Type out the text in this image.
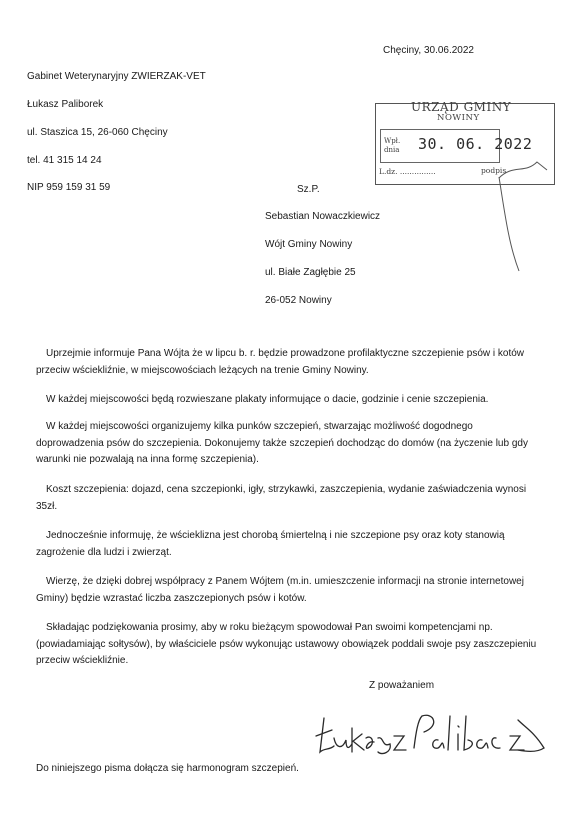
Chęciny, 30.06.2022
Gabinet Weterynaryjny ZWIERZAK-VET
Łukasz Paliborek
ul. Staszica 15, 26-060 Chęciny
tel. 41 315 14 24
NIP 959 159 31 59
URZĄD GMINY
NOWINY
Wpł.
dnia 30. 06. 2022
L.dz. ...............	podpis
Sz.P.
Sebastian Nowaczkiewicz
Wójt Gminy Nowiny
ul. Białe Zagłębie 25
26-052 Nowiny
Uprzejmie informuje Pana Wójta że w lipcu b. r. będzie prowadzone profilaktyczne szczepienie psów i kotów przeciw wściekliźnie, w miejscowościach leżących na trenie Gminy Nowiny.
W każdej miejscowości będą rozwieszane plakaty informujące o dacie, godzinie i cenie szczepienia.
W każdej miejscowości organizujemy kilka punków szczepień, stwarzając możliwość dogodnego doprowadzenia psów do szczepienia. Dokonujemy także szczepień dochodząc do domów (na życzenie lub gdy warunki nie pozwalają na inna formę szczepienia).
Koszt szczepienia: dojazd, cena szczepionki, igły, strzykawki, zaszczepienia, wydanie zaświadczenia wynosi 35zł.
Jednocześnie informuję, że wścieklizna jest chorobą śmiertelną i nie szczepione psy oraz koty stanowią zagrożenie dla ludzi i zwierząt.
Wierzę, że dzięki dobrej współpracy z Panem Wójtem (m.in. umieszczenie informacji na stronie internetowej Gminy) będzie wzrastać liczba zaszczepionych psów i kotów.
Składając podziękowania prosimy, aby w roku bieżącym spowodował Pan swoimi kompetencjami np. (powiadamiając sołtysów), by właściciele psów wykonując ustawowy obowiązek poddali swoje psy zaszczepieniu przeciw wściekliźnie.
Z poważaniem
Do niniejszego pisma dołącza się harmonogram szczepień.
